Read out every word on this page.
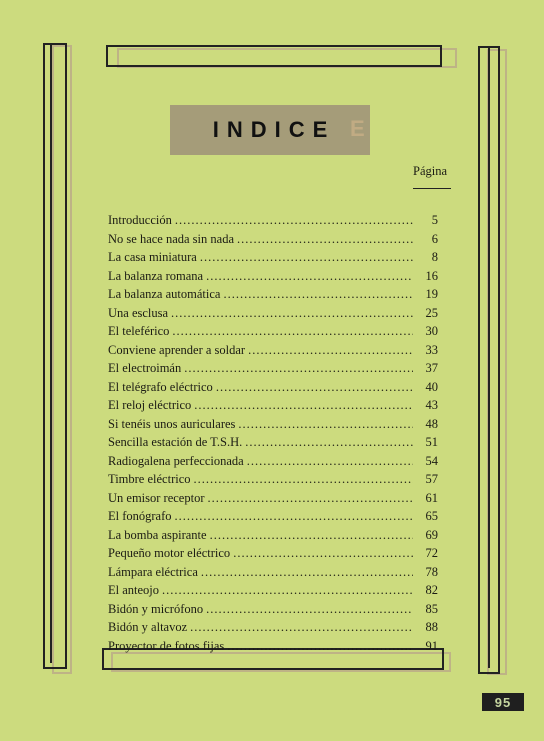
INDICE E
Página
Introducción .....	5
No se hace nada sin nada .....	6
La casa miniatura .....	8
La balanza romana .....	16
La balanza automática .....	19
Una esclusa .....	25
El teleférico .....	30
Conviene aprender a soldar .....	33
El electroimán .....	37
El telégrafo eléctrico .....	40
El reloj eléctrico .....	43
Si tenéis unos auriculares .....	48
Sencilla estación de T.S.H. .....	51
Radiogalena perfeccionada .....	54
Timbre eléctrico .....	57
Un emisor receptor .....	61
El fonógrafo .....	65
La bomba aspirante .....	69
Pequeño motor eléctrico .....	72
Lámpara eléctrica .....	78
El anteojo .....	82
Bidón y micrófono .....	85
Bidón y altavoz .....	88
Proyector de fotos fijas .....	91
95
